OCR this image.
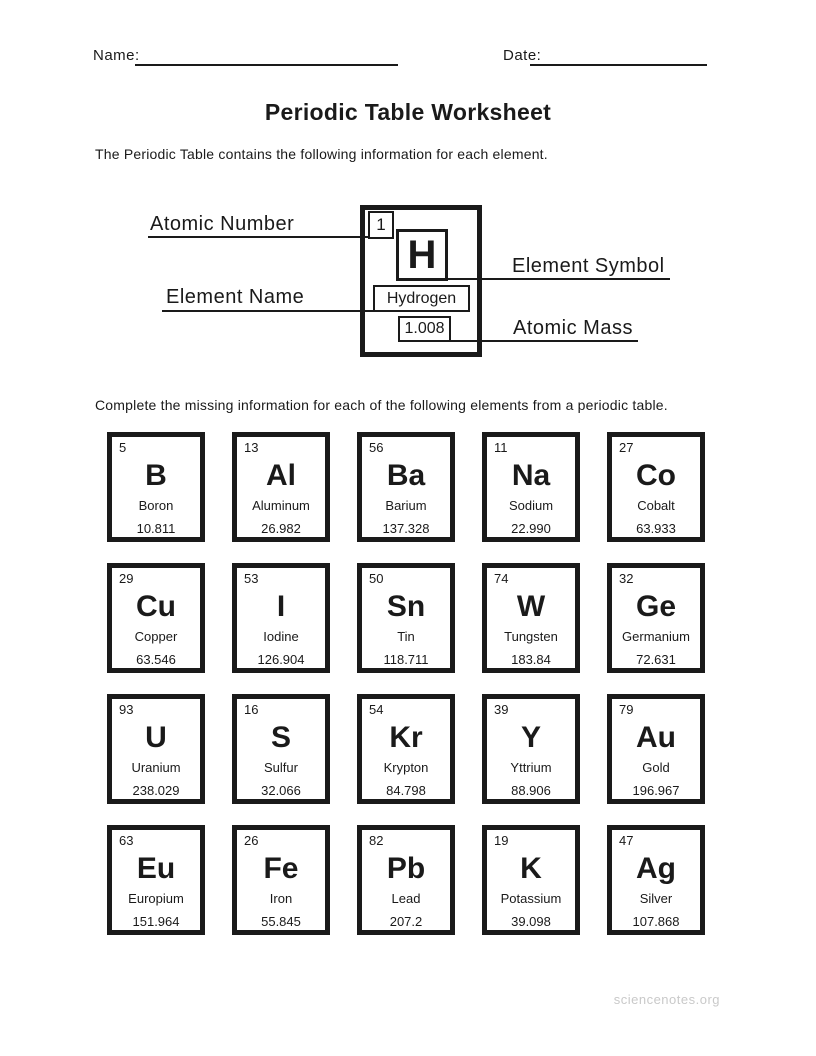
Name:	Date:
Periodic Table Worksheet
The Periodic Table contains the following information for each element.
Atomic Number
Element Name
Element Symbol
Atomic Mass
1
H
Hydrogen
1.008
Complete the missing information for each of the following elements from a periodic table.
5
B
Boron
10.811
13
Al
Aluminum
26.982
56
Ba
Barium
137.328
11
Na
Sodium
22.990
27
Co
Cobalt
63.933
29
Cu
Copper
63.546
53
I
Iodine
126.904
50
Sn
Tin
118.711
74
W
Tungsten
183.84
32
Ge
Germanium
72.631
93
U
Uranium
238.029
16
S
Sulfur
32.066
54
Kr
Krypton
84.798
39
Y
Yttrium
88.906
79
Au
Gold
196.967
63
Eu
Europium
151.964
26
Fe
Iron
55.845
82
Pb
Lead
207.2
19
K
Potassium
39.098
47
Ag
Silver
107.868
sciencenotes.org
